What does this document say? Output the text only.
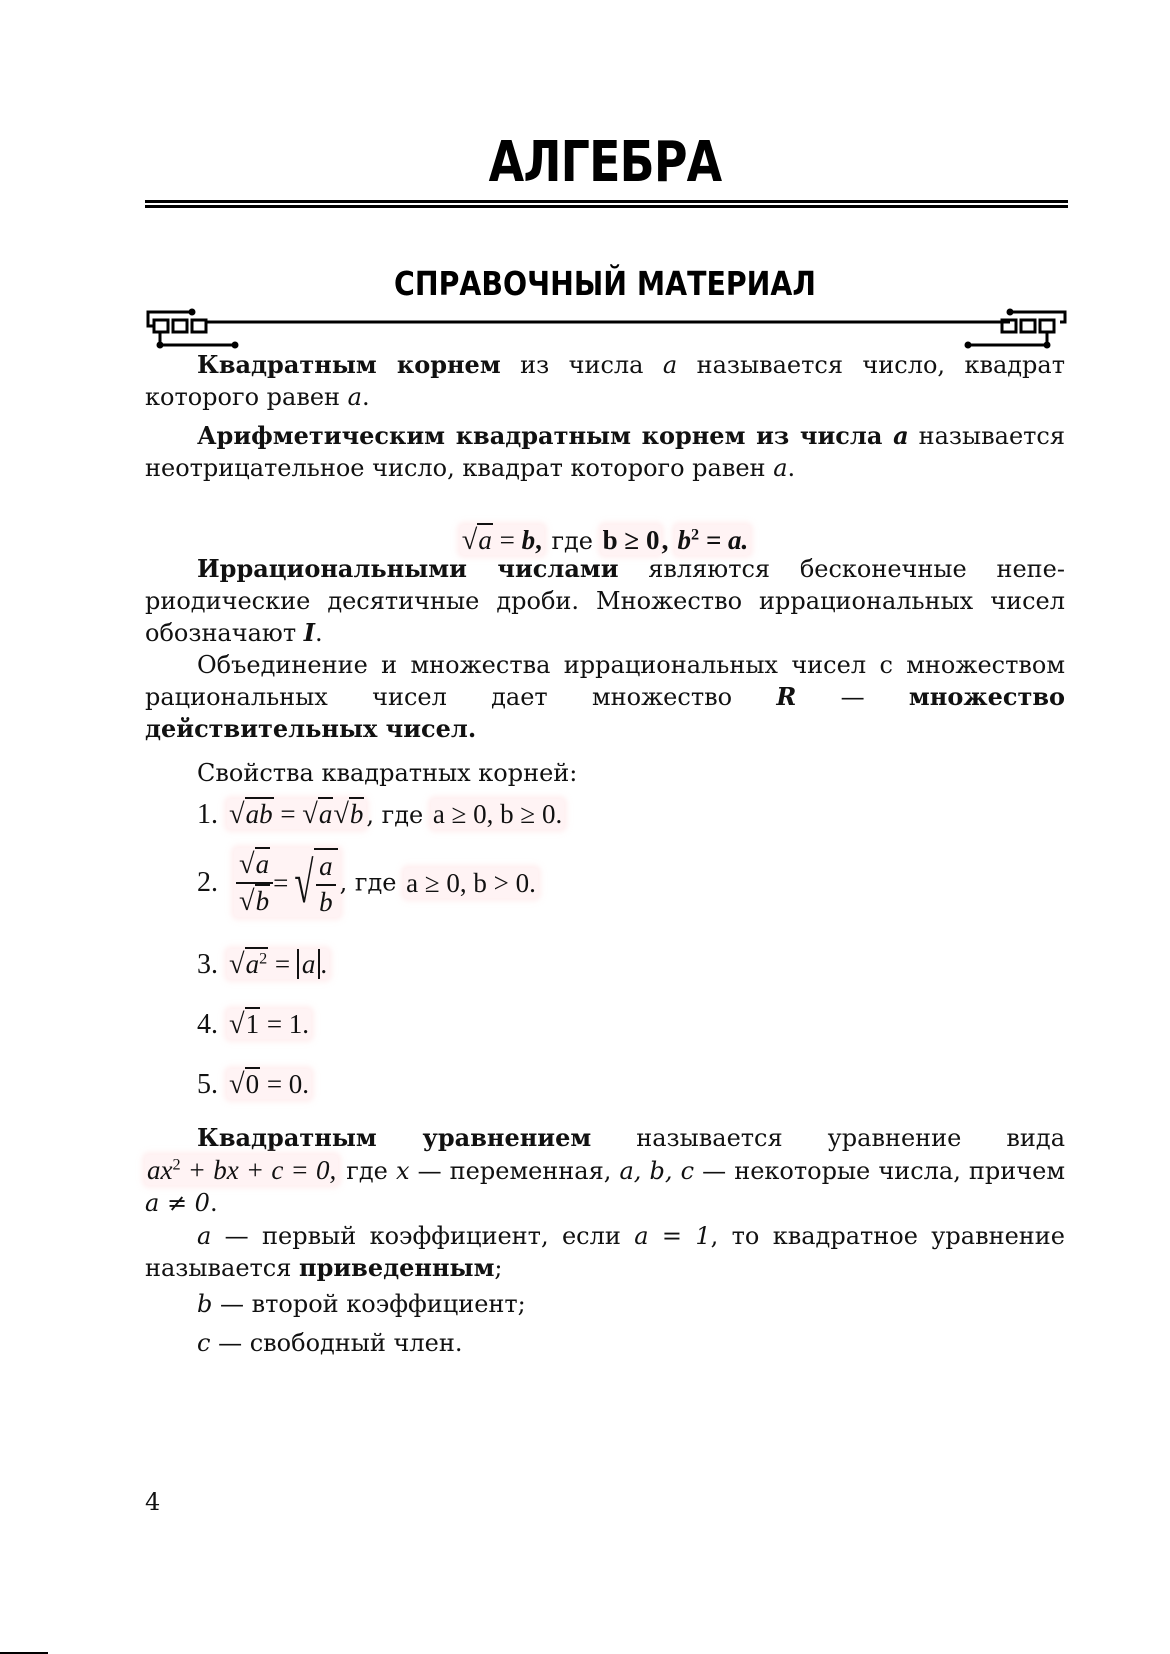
АЛГЕБРА
СПРАВОЧНЫЙ МАТЕРИАЛ
Квадратным корнем из числа a называется число, квадрат которого равен a.
Арифметическим квадратным корнем из числа a называется неотрицательное число, квадрат которого равен a.
√a = b, где b ≥ 0, $b^2 = a$.
Иррациональными числами являются бесконечные непериодические десятичные дроби. Множество иррациональных чисел обозначают I.
Объединение и множества иррациональных чисел с множеством рациональных чисел дает множество R — множество действительных чисел.
Свойства квадратных корней:
1. √ab = √a√b , где a ≥ 0, b ≥ 0.
2. $\frac{√a}{√b}$ = √ $\frac{a}{b}$ , где a ≥ 0, b > 0.
3. $√a^2 = a$ .
4. √1 = 1.
5. √0 = 0.
Квадратным уравнением называется уравнение вида $ax^2$ + bx + c = 0, где x — переменная, a, b, c — некоторые числа, причем a ≠ 0.
a — первый коэффициент, если a = 1, то квадратное уравнение называется приведенным;
b — второй коэффициент;
c — свободный член.
4
